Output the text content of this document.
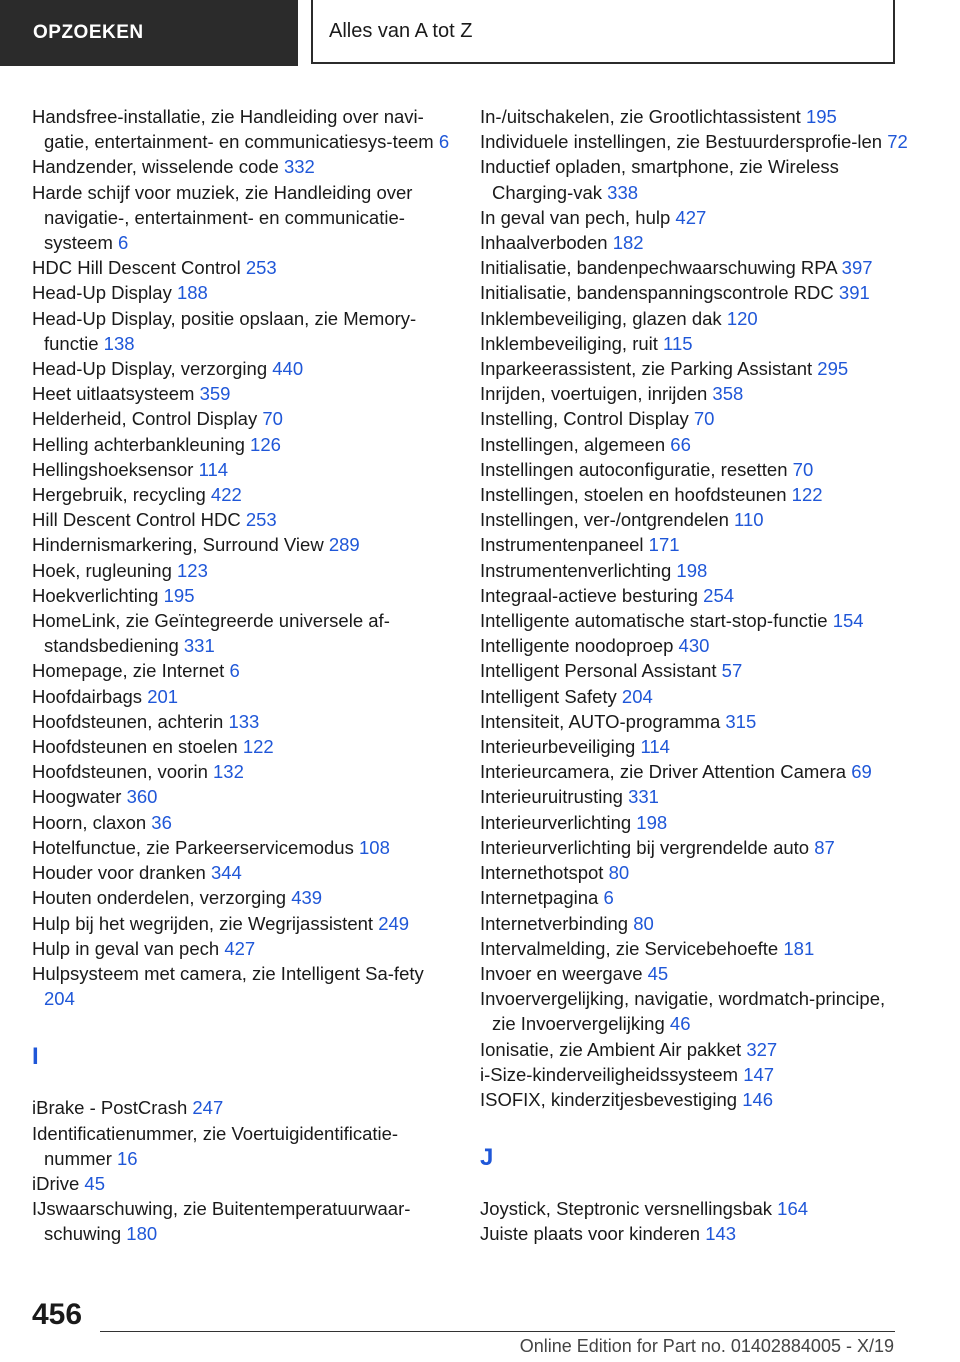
OPZOEKEN	Alles van A tot Z
Handsfree-installatie, zie Handleiding over navi-gatie, entertainment- en communicatiesys-teem 6
Handzender, wisselende code 332
Harde schijf voor muziek, zie Handleiding over navigatie-, entertainment- en communicatie-systeem 6
HDC Hill Descent Control 253
Head-Up Display 188
Head-Up Display, positie opslaan, zie Memory-functie 138
Head-Up Display, verzorging 440
Heet uitlaatsysteem 359
Helderheid, Control Display 70
Helling achterbankleuning 126
Hellingshoeksensor 114
Hergebruik, recycling 422
Hill Descent Control HDC 253
Hindernismarkering, Surround View 289
Hoek, rugleuning 123
Hoekverlichting 195
HomeLink, zie Geïntegreerde universele af-standsbediening 331
Homepage, zie Internet 6
Hoofdairbags 201
Hoofdsteunen, achterin 133
Hoofdsteunen en stoelen 122
Hoofdsteunen, voorin 132
Hoogwater 360
Hoorn, claxon 36
Hotelfunctue, zie Parkeerservicemodus 108
Houder voor dranken 344
Houten onderdelen, verzorging 439
Hulp bij het wegrijden, zie Wegrijassistent 249
Hulp in geval van pech 427
Hulpsysteem met camera, zie Intelligent Sa-fety 204
I
iBrake - PostCrash 247
Identificatienummer, zie Voertuigidentificatie-nummer 16
iDrive 45
IJswaarschuwing, zie Buitentemperatuurwaar-schuwing 180
In-/uitschakelen, zie Grootlichtassistent 195
Individuele instellingen, zie Bestuurdersprofie-len 72
Inductief opladen, smartphone, zie Wireless Charging-vak 338
In geval van pech, hulp 427
Inhaalverboden 182
Initialisatie, bandenpechwaarschuwing RPA 397
Initialisatie, bandenspanningscontrole RDC 391
Inklembeveiliging, glazen dak 120
Inklembeveiliging, ruit 115
Inparkeerassistent, zie Parking Assistant 295
Inrijden, voertuigen, inrijden 358
Instelling, Control Display 70
Instellingen, algemeen 66
Instellingen autoconfiguratie, resetten 70
Instellingen, stoelen en hoofdsteunen 122
Instellingen, ver-/ontgrendelen 110
Instrumentenpaneel 171
Instrumentenverlichting 198
Integraal-actieve besturing 254
Intelligente automatische start-stop-functie 154
Intelligente noodoproep 430
Intelligent Personal Assistant 57
Intelligent Safety 204
Intensiteit, AUTO-programma 315
Interieurbeveiliging 114
Interieurcamera, zie Driver Attention Camera 69
Interieuruitrusting 331
Interieurverlichting 198
Interieurverlichting bij vergrendelde auto 87
Internethotspot 80
Internetpagina 6
Internetverbinding 80
Intervalmelding, zie Servicebehoefte 181
Invoer en weergave 45
Invoervergelijking, navigatie, wordmatch-principe, zie Invoervergelijking 46
Ionisatie, zie Ambient Air pakket 327
i-Size-kinderveiligheidssysteem 147
ISOFIX, kinderzitjesbevestiging 146
J
Joystick, Steptronic versnellingsbak 164
Juiste plaats voor kinderen 143
456
Online Edition for Part no. 01402884005 - X/19
